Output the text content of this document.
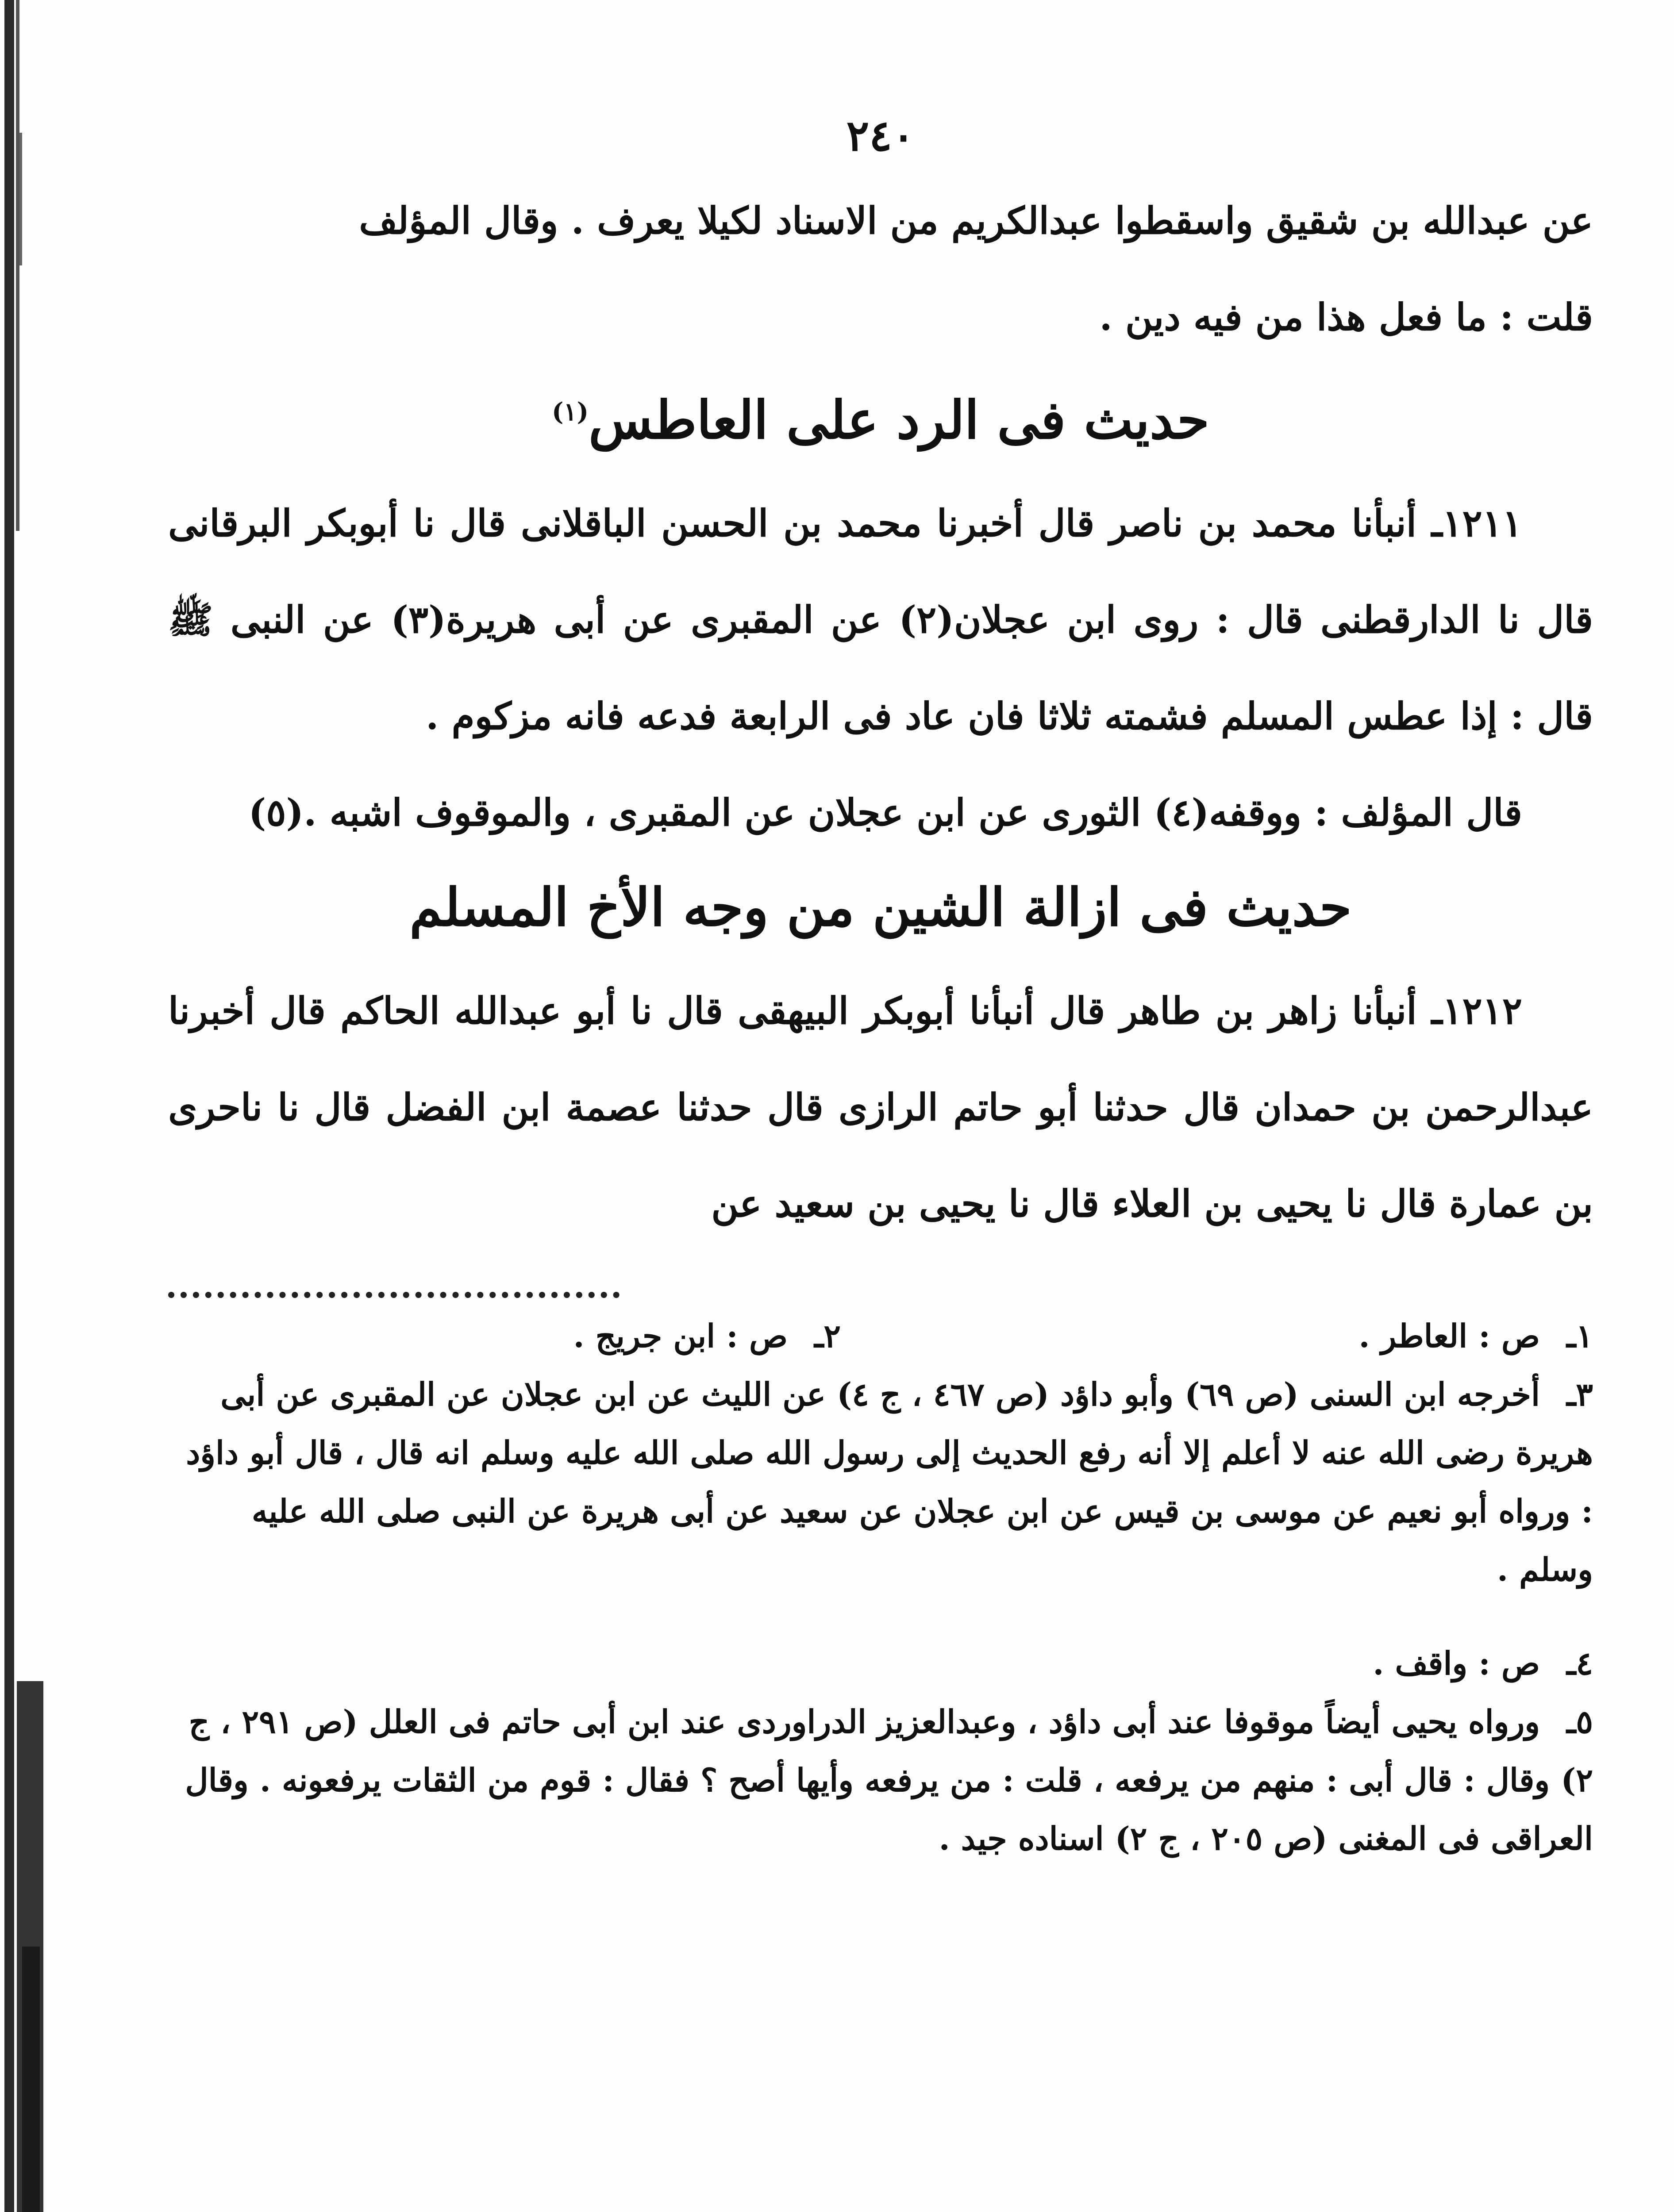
٢٤٠

عن عبدالله بن شقيق واسقطوا عبدالكريم من الاسناد لكيلا يعرف . وقال المؤلف
قلت : ما فعل هذا من فيه دين .

حديث فى الرد على العاطس$^{(١)}$

١٢١١ـ أنبأنا محمد بن ناصر قال أخبرنا محمد بن الحسن الباقلانى قال نا أبوبكر البرقانى قال نا الدارقطنى قال : روى ابن عجلان(٢) عن المقبرى عن أبى هريرة(٣) عن النبى ﷺ قال : إذا عطس المسلم فشمته ثلاثا فان عاد فى الرابعة فدعه فانه مزكوم .

قال المؤلف : ووقفه(٤) الثورى عن ابن عجلان عن المقبرى ، والموقوف اشبه .(٥)

حديث فى ازالة الشين من وجه الأخ المسلم

١٢١٢ـ أنبأنا زاهر بن طاهر قال أنبأنا أبوبكر البيهقى قال نا أبو عبدالله الحاكم قال أخبرنا عبدالرحمن بن حمدان قال حدثنا أبو حاتم الرازى قال حدثنا عصمة ابن الفضل قال نا ناحرى بن عمارة قال نا يحيى بن العلاء قال نا يحيى بن سعيد عن

١ـص : العاطر .

٢ـص : ابن جريج .

٣ـأخرجه ابن السنى (ص ٦٩) وأبو داؤد (ص ٤٦٧ ، ج ٤) عن الليث عن ابن عجلان عن المقبرى عن أبى هريرة رضى الله عنه لا أعلم إلا أنه رفع الحديث إلى رسول الله صلى الله عليه وسلم انه قال ، قال أبو داؤد : ورواه أبو نعيم عن موسى بن قيس عن ابن عجلان عن سعيد عن أبى هريرة عن النبى صلى الله عليه وسلم .

٤ـص : واقف .

٥ـورواه يحيى أيضاً موقوفا عند أبى داؤد ، وعبدالعزيز الدراوردى عند ابن أبى حاتم فى العلل (ص ٢٩١ ، ج ٢) وقال : قال أبى : منهم من يرفعه ، قلت : من يرفعه وأيها أصح ؟ فقال : قوم من الثقات يرفعونه . وقال العراقى فى المغنى (ص ٢٠٥ ، ج ٢) اسناده جيد .
